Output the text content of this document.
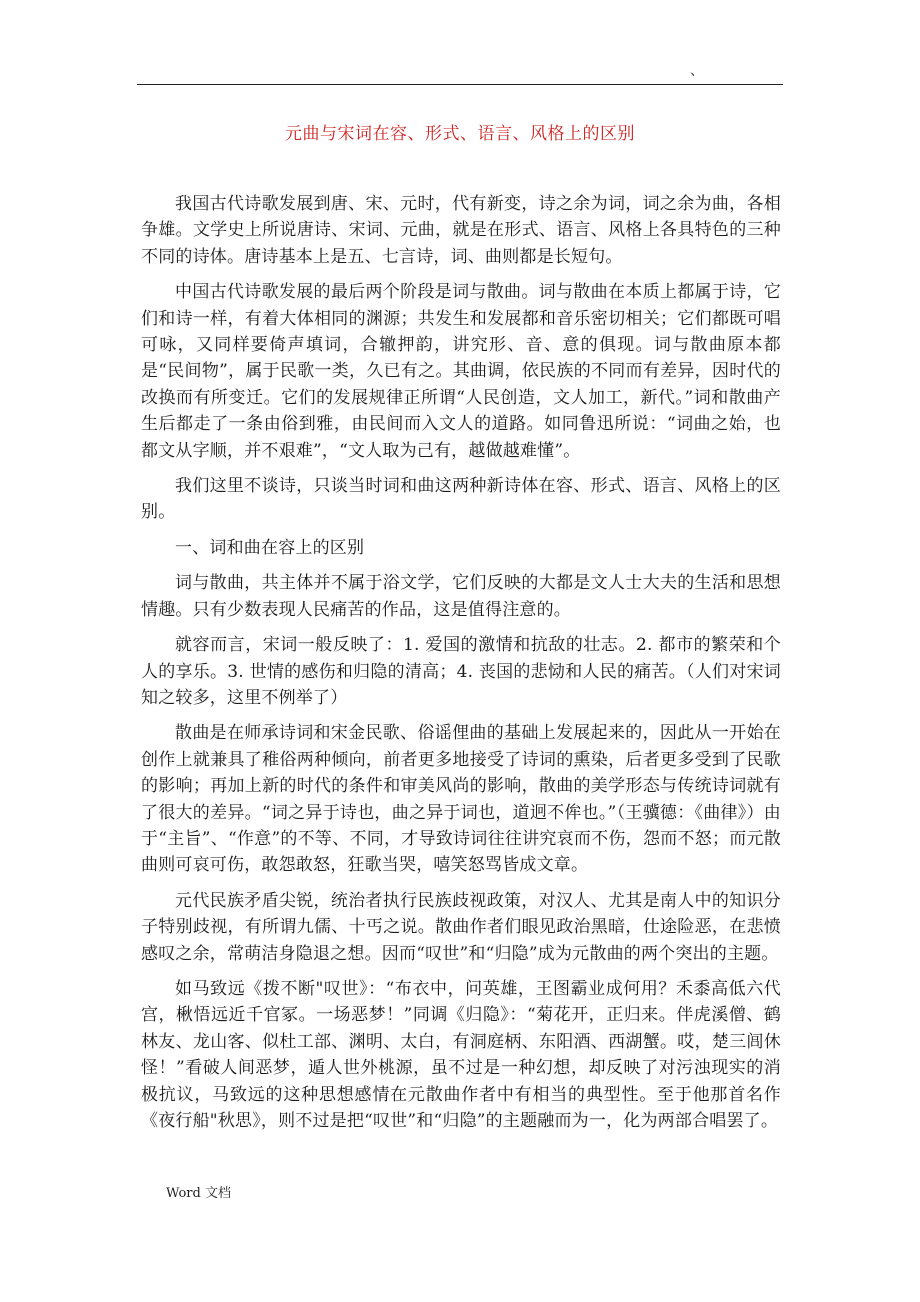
、
元曲与宋词在容、形式、语言、风格上的区别

我国古代诗歌发展到唐、宋、元时，代有新变，诗之余为词，词之余为曲，各相争雄。文学史上所说唐诗、宋词、元曲，就是在形式、语言、风格上各具特色的三种不同的诗体。唐诗基本上是五、七言诗，词、曲则都是长短句。

中国古代诗歌发展的最后两个阶段是词与散曲。词与散曲在本质上都属于诗，它们和诗一样，有着大体相同的渊源；共发生和发展都和音乐密切相关；它们都既可唱可咏，又同样要倚声填词，合辙押韵，讲究形、音、意的俱现。词与散曲原本都是“民间物”，属于民歌一类，久已有之。其曲调，依民族的不同而有差异，因时代的改换而有所变迁。它们的发展规律正所谓“人民创造，文人加工，新代。”词和散曲产生后都走了一条由俗到雅，由民间而入文人的道路。如同鲁迅所说：“词曲之始，也都文从字顺，并不艰难”，“文人取为己有，越做越难懂”。

我们这里不谈诗，只谈当时词和曲这两种新诗体在容、形式、语言、风格上的区别。

一、词和曲在容上的区别

词与散曲，共主体并不属于浴文学，它们反映的大都是文人士大夫的生活和思想情趣。只有少数表现人民痛苦的作品，这是值得注意的。

就容而言，宋词一般反映了：1. 爱国的激情和抗敌的壮志。2. 都市的繁荣和个人的享乐。3. 世情的感伤和归隐的清高；4. 丧国的悲恸和人民的痛苦。（人们对宋词知之较多，这里不例举了）

散曲是在师承诗词和宋金民歌、俗谣俚曲的基础上发展起来的，因此从一开始在创作上就兼具了稚俗两种倾向，前者更多地接受了诗词的熏染，后者更多受到了民歌的影响；再加上新的时代的条件和审美风尚的影响，散曲的美学形态与传统诗词就有了很大的差异。“词之异于诗也，曲之异于词也，道迥不侔也。”（王骥德：《曲律》）由于“主旨”、“作意”的不等、不同，才导致诗词往往讲究哀而不伤，怨而不怒；而元散曲则可哀可伤，敢怨敢怒，狂歌当哭，嘻笑怒骂皆成文章。

元代民族矛盾尖锐，统治者执行民族歧视政策，对汉人、尤其是南人中的知识分子特别歧视，有所谓九儒、十丐之说。散曲作者们眼见政治黑暗，仕途险恶，在悲愤感叹之余，常萌洁身隐退之想。因而“叹世”和“归隐”成为元散曲的两个突出的主题。

如马致远《拨不断"叹世》：“布衣中，问英雄，王图霸业成何用？禾黍高低六代宫，楸悟远近千官冢。一场恶梦！”同调《归隐》：“菊花开，正归来。伴虎溪僧、鹤林友、龙山客、似杜工部、渊明、太白，有洞庭柄、东阳酒、西湖蟹。哎，楚三闾休怪！”看破人间恶梦，遁人世外桃源，虽不过是一种幻想，却反映了对污浊现实的消极抗议，马致远的这种思想感情在元散曲作者中有相当的典型性。至于他那首名作《夜行船"秋思》，则不过是把“叹世”和“归隐”的主题融而为一，化为两部合唱罢了。

Word 文档
